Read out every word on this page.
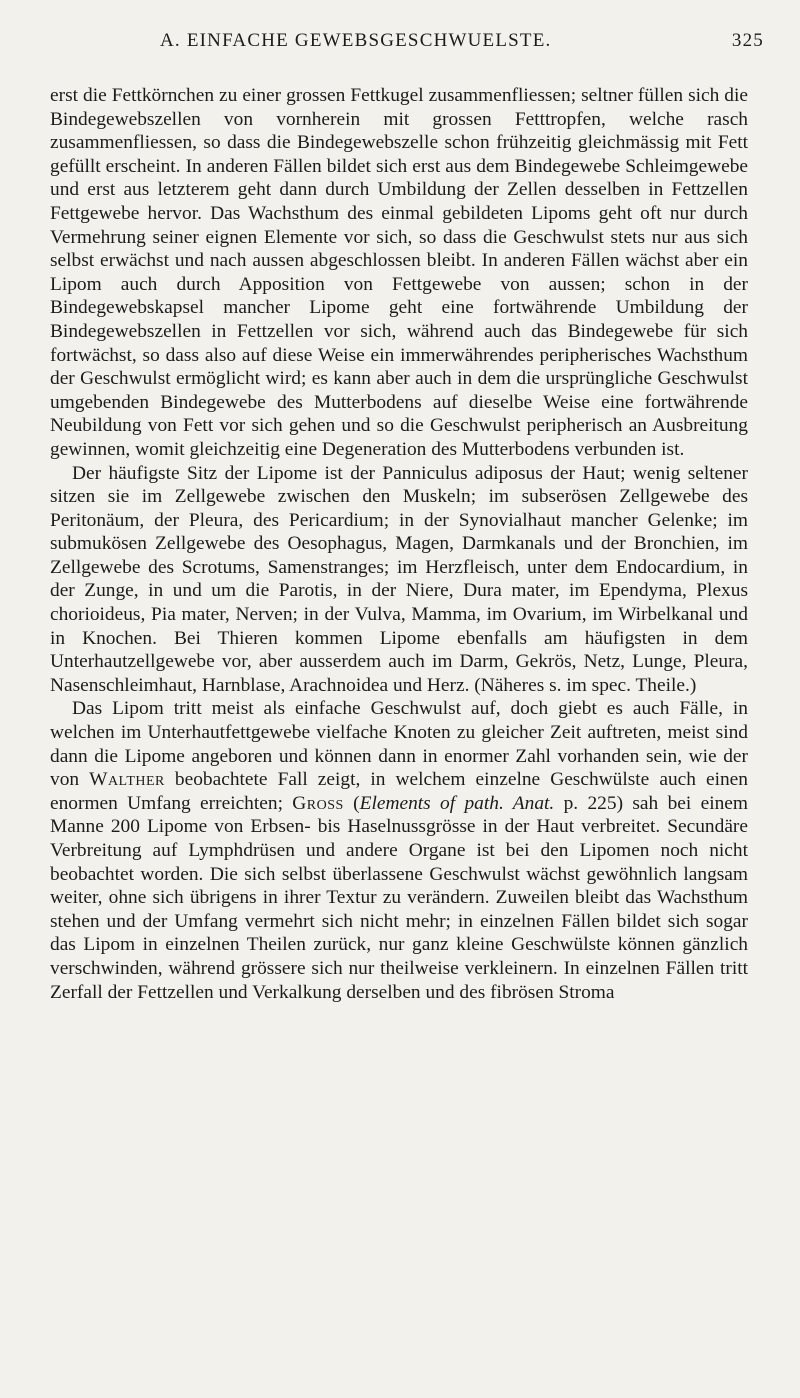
A. EINFACHE GEWEBSGESCHWUELSTE.	325

erst die Fettkörnchen zu einer grossen Fettkugel zusammenfliessen; seltner füllen sich die Bindegewebszellen von vornherein mit grossen Fetttropfen, welche rasch zusammenfliessen, so dass die Bindegewebszelle schon frühzeitig gleichmässig mit Fett gefüllt erscheint. In anderen Fällen bildet sich erst aus dem Bindegewebe Schleimgewebe und erst aus letzterem geht dann durch Umbildung der Zellen desselben in Fettzellen Fettgewebe hervor. Das Wachsthum des einmal gebildeten Lipoms geht oft nur durch Vermehrung seiner eignen Elemente vor sich, so dass die Geschwulst stets nur aus sich selbst erwächst und nach aussen abgeschlossen bleibt. In anderen Fällen wächst aber ein Lipom auch durch Apposition von Fettgewebe von aussen; schon in der Bindegewebskapsel mancher Lipome geht eine fortwährende Umbildung der Bindegewebszellen in Fettzellen vor sich, während auch das Bindegewebe für sich fortwächst, so dass also auf diese Weise ein immerwährendes peripherisches Wachsthum der Geschwulst ermöglicht wird; es kann aber auch in dem die ursprüngliche Geschwulst umgebenden Bindegewebe des Mutterbodens auf dieselbe Weise eine fortwährende Neubildung von Fett vor sich gehen und so die Geschwulst peripherisch an Ausbreitung gewinnen, womit gleichzeitig eine Degeneration des Mutterbodens verbunden ist.

Der häufigste Sitz der Lipome ist der Panniculus adiposus der Haut; wenig seltener sitzen sie im Zellgewebe zwischen den Muskeln; im subserösen Zellgewebe des Peritonäum, der Pleura, des Pericardium; in der Synovialhaut mancher Gelenke; im submukösen Zellgewebe des Oesophagus, Magen, Darmkanals und der Bronchien, im Zellgewebe des Scrotums, Samenstranges; im Herzfleisch, unter dem Endocardium, in der Zunge, in und um die Parotis, in der Niere, Dura mater, im Ependyma, Plexus chorioideus, Pia mater, Nerven; in der Vulva, Mamma, im Ovarium, im Wirbelkanal und in Knochen. Bei Thieren kommen Lipome ebenfalls am häufigsten in dem Unterhautzellgewebe vor, aber ausserdem auch im Darm, Gekrös, Netz, Lunge, Pleura, Nasenschleimhaut, Harnblase, Arachnoidea und Herz. (Näheres s. im spec. Theile.)

Das Lipom tritt meist als einfache Geschwulst auf, doch giebt es auch Fälle, in welchen im Unterhautfettgewebe vielfache Knoten zu gleicher Zeit auftreten, meist sind dann die Lipome angeboren und können dann in enormer Zahl vorhanden sein, wie der von Walther beobachtete Fall zeigt, in welchem einzelne Geschwülste auch einen enormen Umfang erreichten; Gross (Elements of path. Anat. p. 225) sah bei einem Manne 200 Lipome von Erbsen- bis Haselnussgrösse in der Haut verbreitet. Secundäre Verbreitung auf Lymphdrüsen und andere Organe ist bei den Lipomen noch nicht beobachtet worden. Die sich selbst überlassene Geschwulst wächst gewöhnlich langsam weiter, ohne sich übrigens in ihrer Textur zu verändern. Zuweilen bleibt das Wachsthum stehen und der Umfang vermehrt sich nicht mehr; in einzelnen Fällen bildet sich sogar das Lipom in einzelnen Theilen zurück, nur ganz kleine Geschwülste können gänzlich verschwinden, während grössere sich nur theilweise verkleinern. In einzelnen Fällen tritt Zerfall der Fettzellen und Verkalkung derselben und des fibrösen Stroma
